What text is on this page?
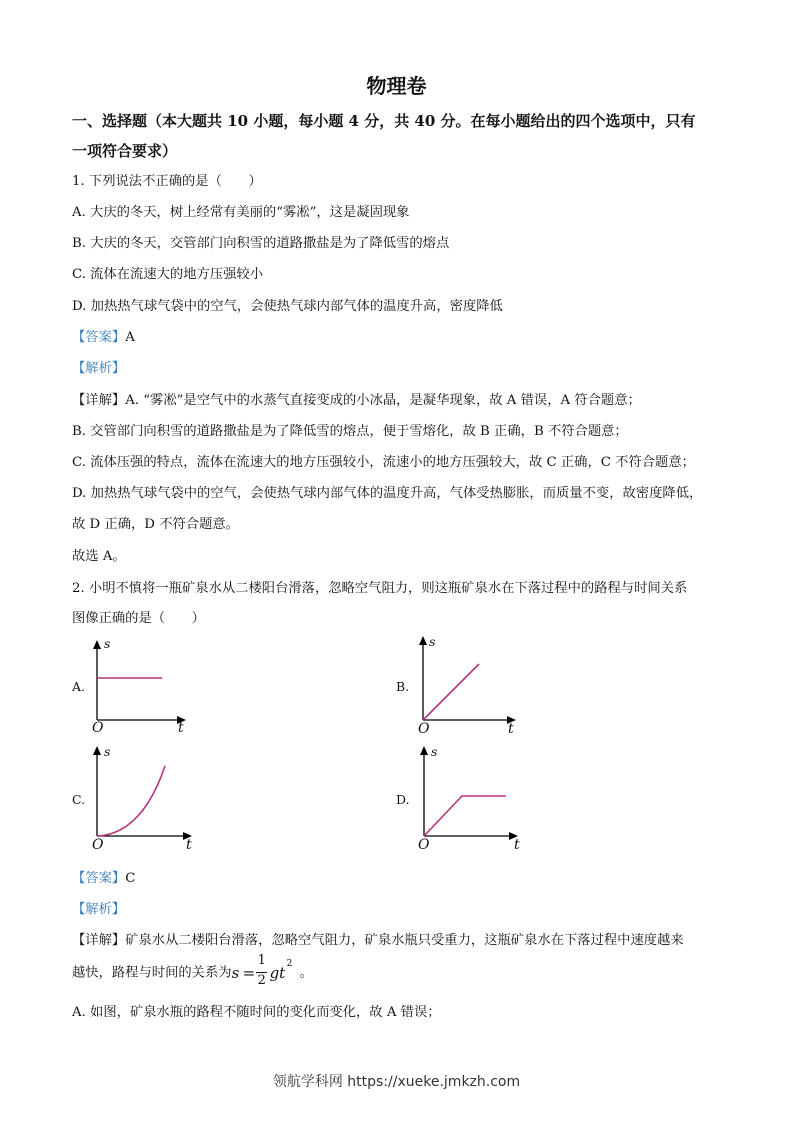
物理卷
一、选择题（本大题共 10 小题，每小题 4 分，共 40 分。在每小题给出的四个选项中，只有
一项符合要求）
1. 下列说法不正确的是（　　）
A. 大庆的冬天，树上经常有美丽的“雾凇”，这是凝固现象
B. 大庆的冬天，交管部门向积雪的道路撒盐是为了降低雪的熔点
C. 流体在流速大的地方压强较小
D. 加热热气球气袋中的空气，会使热气球内部气体的温度升高，密度降低
【答案】A
【解析】
【详解】A. “雾凇”是空气中的水蒸气直接变成的小冰晶，是凝华现象，故 A 错误，A 符合题意；
B. 交管部门向积雪的道路撒盐是为了降低雪的熔点，便于雪熔化，故 B 正确，B 不符合题意；
C. 流体压强的特点，流体在流速大的地方压强较小，流速小的地方压强较大，故 C 正确，C 不符合题意；
D. 加热热气球气袋中的空气，会使热气球内部气体的温度升高，气体受热膨胀，而质量不变，故密度降低，
故 D 正确，D 不符合题意。
故选 A。
2. 小明不慎将一瓶矿泉水从二楼阳台滑落，忽略空气阻力，则这瓶矿泉水在下落过程中的路程与时间关系
图像正确的是（　　）
A.
s
O	t
B.
s
O	t
C.
s
O	t
D.
s
O	t
【答案】C
【解析】
【详解】矿泉水从二楼阳台滑落，忽略空气阻力，矿泉水瓶只受重力，这瓶矿泉水在下落过程中速度越来
越快，路程与时间的关系为 s =
1
2 gt 2
。
A. 如图，矿泉水瓶的路程不随时间的变化而变化，故 A 错误；
领航学科网 https://xueke.jmkzh.com
